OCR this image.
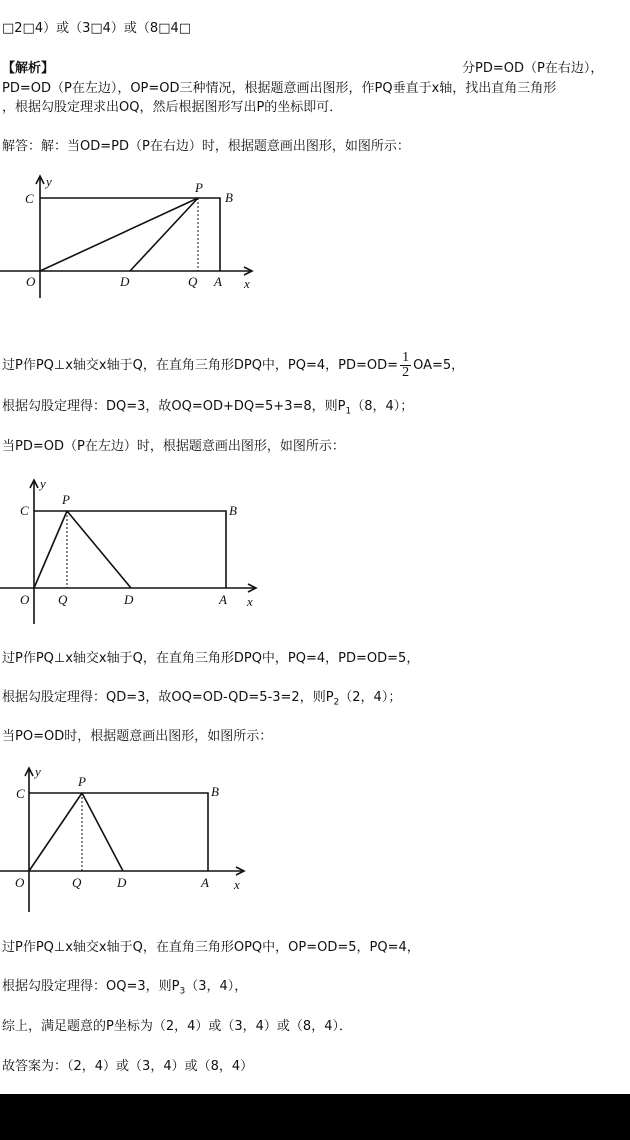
□2□4）或（3□4）或（8□4□
【解析】	分PD=OD（P在右边），
PD=OD（P在左边），OP=OD三种情况，根据题意画出图形，作PQ垂直于x轴，找出直角三角形
，根据勾股定理求出OQ，然后根据图形写出P的坐标即可．
解答：解：当OD=PD（P在右边）时，根据题意画出图形，如图所示：
y
C
P
B
O	D	Q A x
过P作PQ⊥x轴交x轴于Q，在直角三角形DPQ中，PQ=4，$PD=OD= \frac{1}{2} OA=5$，
根据勾股定理得：DQ=3，故OQ=OD+DQ=5+3=8，则$P_1(8$，4）；
当PD=OD（P在左边）时，根据题意画出图形，如图所示：
y
C
P
B
O Q	D	A x
过P作PQ⊥x轴交x轴于Q，在直角三角形DPQ中，PQ=4，PD=OD=5，
根据勾股定理得：QD=3，故OQ=OD-QD=5-3=2，则$P_2(2$，4）；
当PO=OD时，根据题意画出图形，如图所示：
y
C
P
B
O	Q	D	A x
过P作PQ⊥x轴交x轴于Q，在直角三角形OPQ中，OP=OD=5，PQ=4，
根据勾股定理得：OQ=3，则$P_3(3$，4），
综上，满足题意的P坐标为（2，4）或（3，4）或（8，4）．
故答案为：（2，4）或（3，4）或（8，4）
